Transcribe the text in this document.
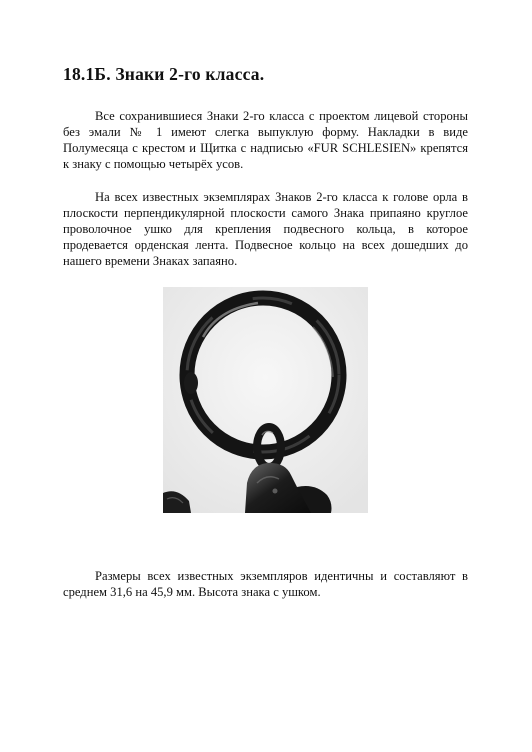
18.1Б. Знаки 2-го класса.

Все сохранившиеся Знаки 2-го класса с проектом лицевой стороны без эмали № 1 имеют слегка выпуклую форму. Накладки в виде Полумесяца с крестом и Щитка с надписью «FUR SCHLESIEN» крепятся к знаку с помощью четырёх усов.

На всех известных экземплярах Знаков 2-го класса к голове орла в плоскости перпендикулярной плоскости самого Знака припаяно круглое проволочное ушко для крепления подвесного кольца, в которое продевается орденская лента. Подвесное кольцо на всех дошедших до нашего времени Знаках запаяно.

Размеры всех известных экземпляров идентичны и составляют в среднем 31,6 на 45,9 мм. Высота знака с ушком.
